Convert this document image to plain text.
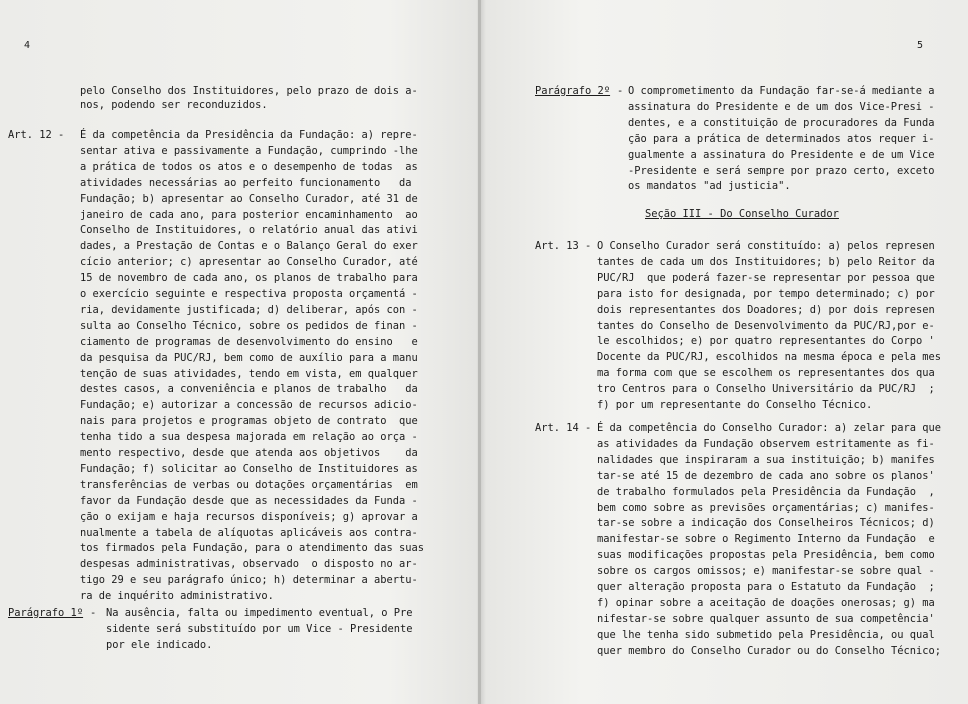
4

pelo Conselho dos Instituidores, pelo prazo de dois a-

nos, podendo ser reconduzidos.

Art. 12 - É da competência da Presidência da Fundação: a) repre-

sentar ativa e passivamente a Fundação, cumprindo -lhe

a prática de todos os atos e o desempenho de todas  as

atividades necessárias ao perfeito funcionamento   da

Fundação; b) apresentar ao Conselho Curador, até 31 de

janeiro de cada ano, para posterior encaminhamento  ao

Conselho de Instituidores, o relatório anual das ativi

dades, a Prestação de Contas e o Balanço Geral do exer

cício anterior; c) apresentar ao Conselho Curador, até

15 de novembro de cada ano, os planos de trabalho para

o exercício seguinte e respectiva proposta orçamentá -

ria, devidamente justificada; d) deliberar, após con -

sulta ao Conselho Técnico, sobre os pedidos de finan -

ciamento de programas de desenvolvimento do ensino   e

da pesquisa da PUC/RJ, bem como de auxílio para a manu

tenção de suas atividades, tendo em vista, em qualquer

destes casos, a conveniência e planos de trabalho   da

Fundação; e) autorizar a concessão de recursos adicio-

nais para projetos e programas objeto de contrato  que

tenha tido a sua despesa majorada em relação ao orça -

mento respectivo, desde que atenda aos objetivos    da

Fundação; f) solicitar ao Conselho de Instituidores as

transferências de verbas ou dotações orçamentárias  em

favor da Fundação desde que as necessidades da Funda -

ção o exijam e haja recursos disponíveis; g) aprovar a

nualmente a tabela de alíquotas aplicáveis aos contra-

tos firmados pela Fundação, para o atendimento das suas

despesas administrativas, observado  o disposto no ar-

tigo 29 e seu parágrafo único; h) determinar a abertu-

ra de inquérito administrativo.

Parágrafo 1º - Na ausência, falta ou impedimento eventual, o Pre

sidente será substituído por um Vice - Presidente

por ele indicado.

5
Parágrafo 2º - O comprometimento da Fundação far-se-á mediante a

assinatura do Presidente e de um dos Vice-Presi -

dentes, e a constituição de procuradores da Funda

ção para a prática de determinados atos requer i-

gualmente a assinatura do Presidente e de um Vice

-Presidente e será sempre por prazo certo, exceto

os mandatos "ad justicia".

Seção III - Do Conselho Curador
Art. 13 - O Conselho Curador será constituído: a) pelos represen

tantes de cada um dos Instituidores; b) pelo Reitor da

PUC/RJ  que poderá fazer-se representar por pessoa que

para isto for designada, por tempo determinado; c) por

dois representantes dos Doadores; d) por dois represen

tantes do Conselho de Desenvolvimento da PUC/RJ,por e-

le escolhidos; e) por quatro representantes do Corpo '

Docente da PUC/RJ, escolhidos na mesma época e pela mes

ma forma com que se escolhem os representantes dos qua

tro Centros para o Conselho Universitário da PUC/RJ  ;

f) por um representante do Conselho Técnico.

Art. 14 - É da competência do Conselho Curador: a) zelar para que

as atividades da Fundação observem estritamente as fi-

nalidades que inspiraram a sua instituição; b) manifes

tar-se até 15 de dezembro de cada ano sobre os planos'

de trabalho formulados pela Presidência da Fundação  ,

bem como sobre as previsões orçamentárias; c) manifes-

tar-se sobre a indicação dos Conselheiros Técnicos; d)

manifestar-se sobre o Regimento Interno da Fundação  e

suas modificações propostas pela Presidência, bem como

sobre os cargos omissos; e) manifestar-se sobre qual -

quer alteração proposta para o Estatuto da Fundação  ;

f) opinar sobre a aceitação de doações onerosas; g) ma

nifestar-se sobre qualquer assunto de sua competência'

que lhe tenha sido submetido pela Presidência, ou qual

quer membro do Conselho Curador ou do Conselho Técnico;
